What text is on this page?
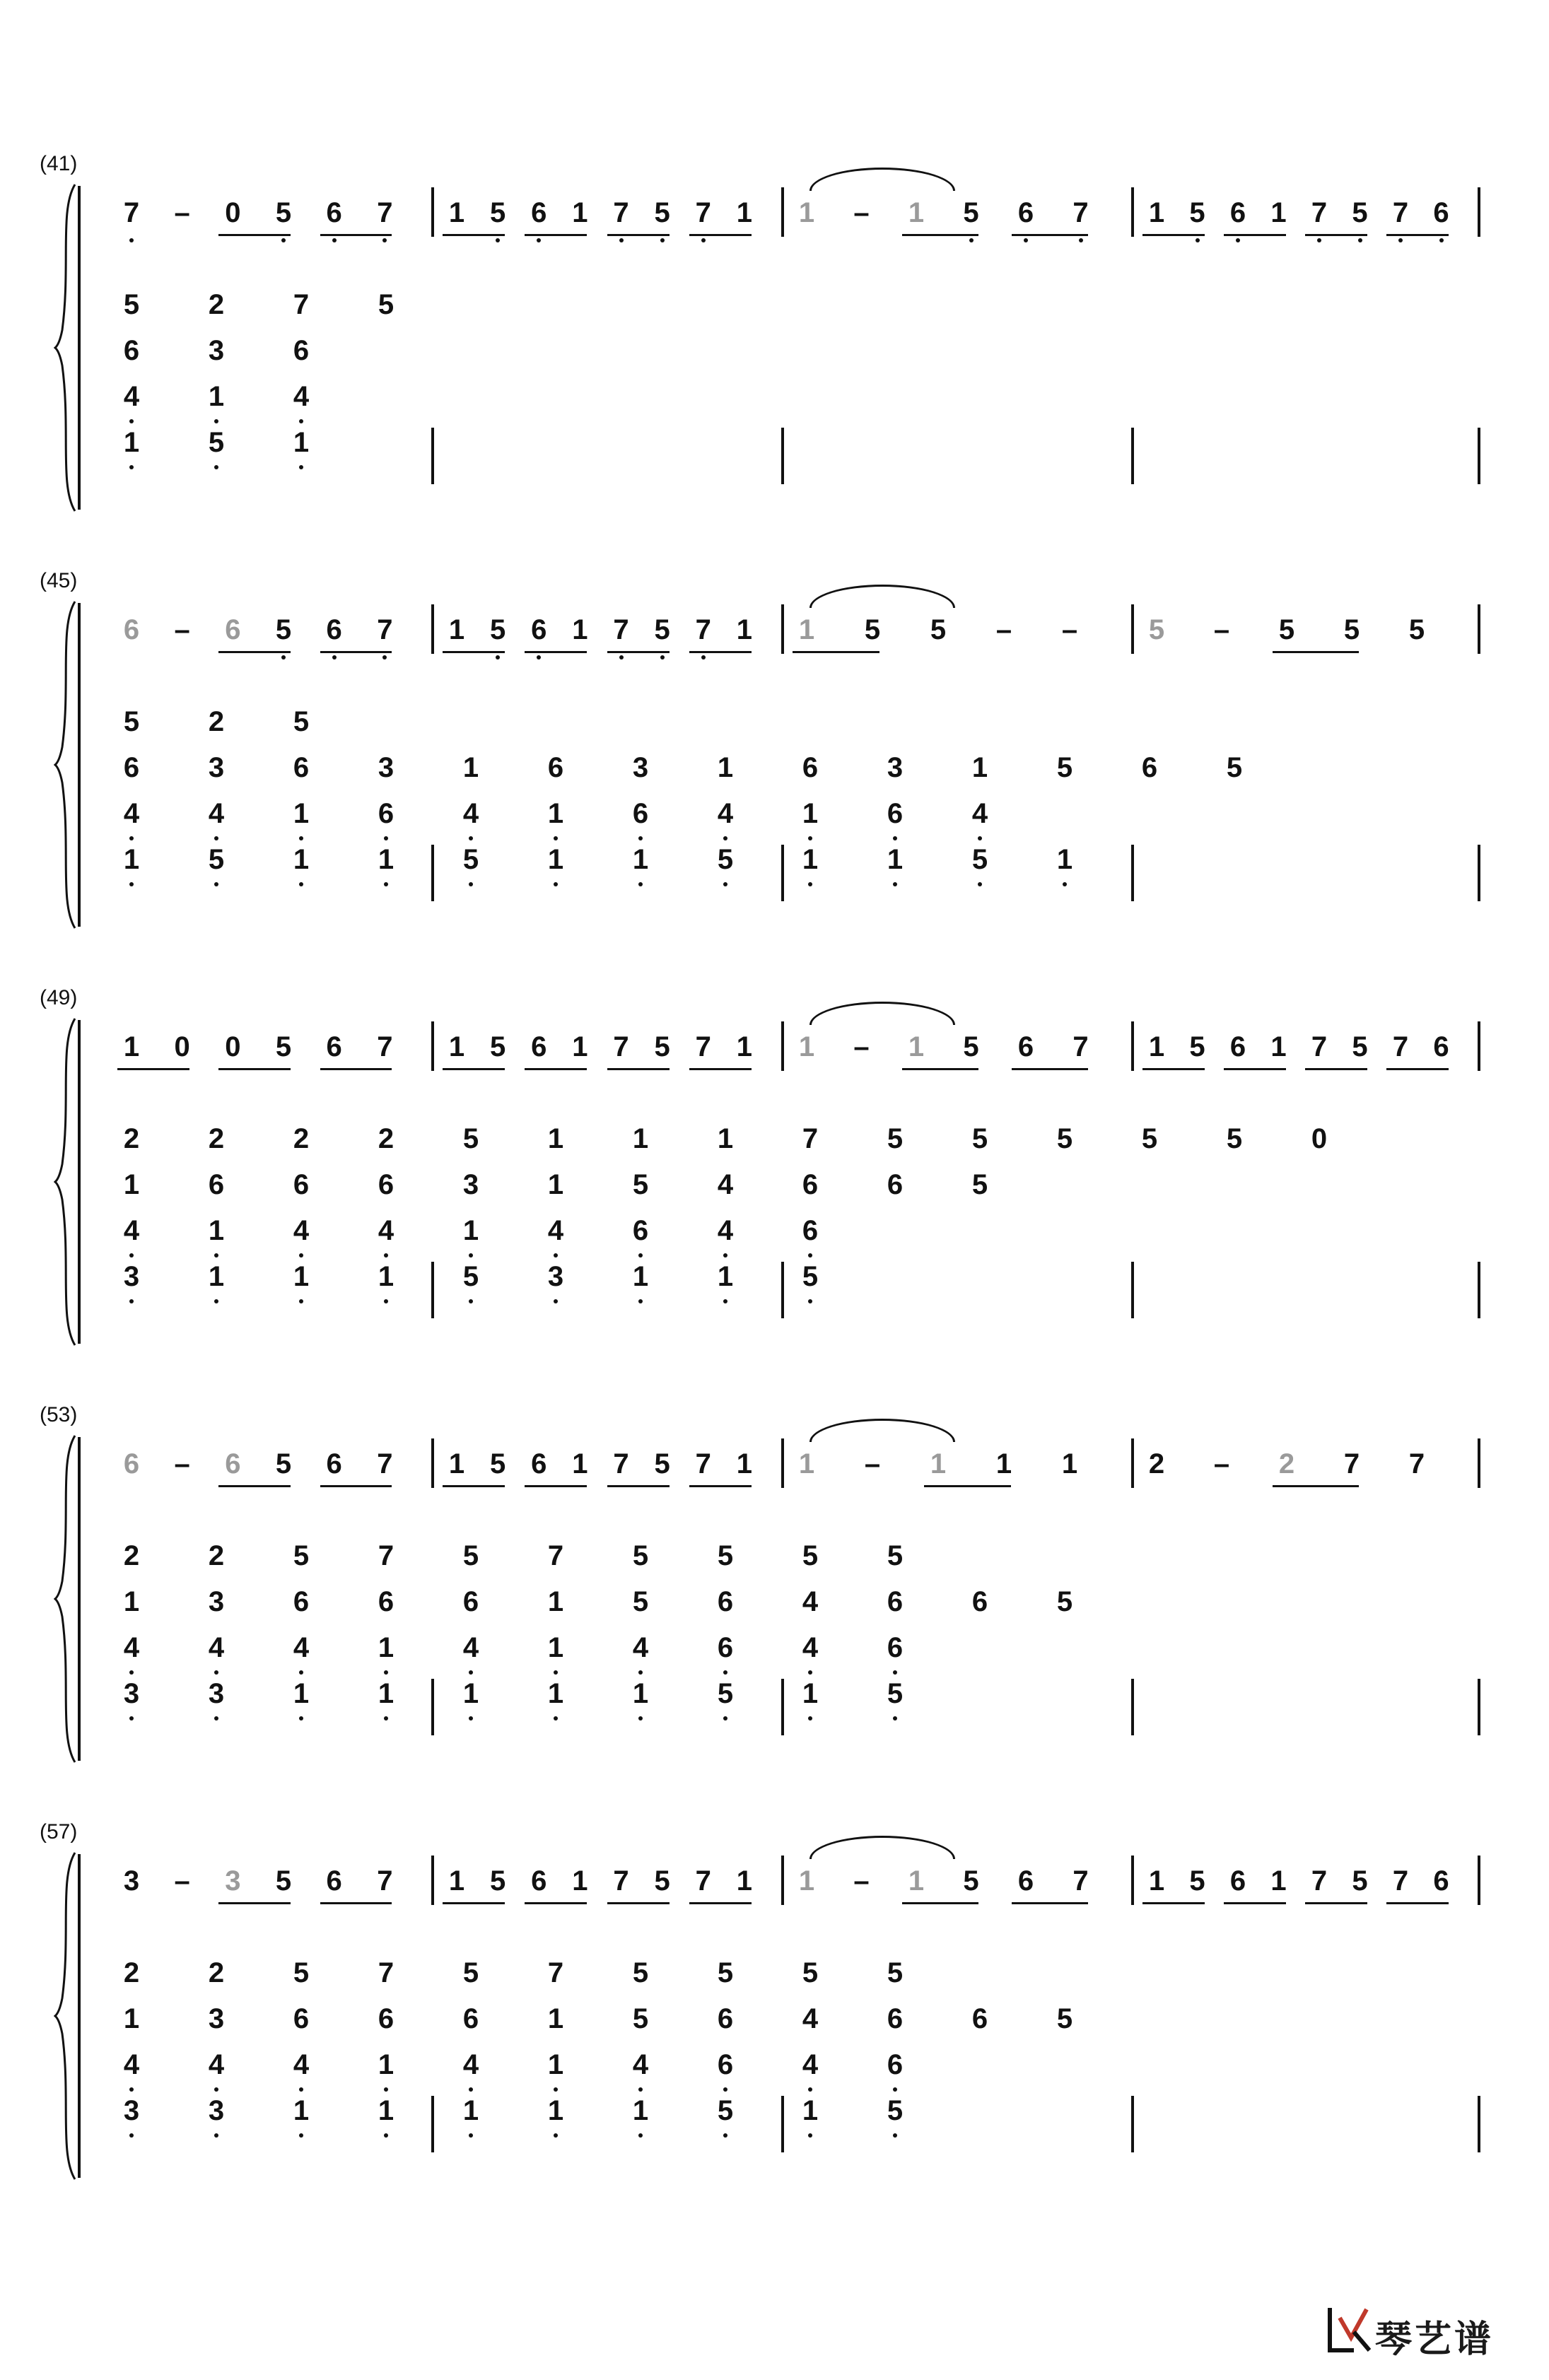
(41)
7 – 0 5 6 7 1 5 6 1 7 5 7 1 1 – 1 5 6 7 1 5 6 1 7 5 7 6
5 2 7 5
6 3 6
4 1 4
1 5 1
(45)
6 – 6 5 6 7 1 5 6 1 7 5 7 1 1 5 5 – –	5 – 5 5 5
5 2 5
6 3 6 3 1 6 3 1 6 3 1 5 6 5
4 4 1 6 4 1 6 4 1 6 4
1 5 1 1 5 1 1 5 1 1 5 1
(49)
1 0 0 5 6 7 1 5 6 1 7 5 7 1 1 – 1 5 6 7 1 5 6 1 7 5 7 6
2 2 2 2 5 1 1 1 7 5 5 5 5 5 0
1 6 6 6 3 1 5 4 6 6 5
4 1 4 4 1 4 6 4 6
3 1 1 1 5 3 1 1 5
(53)
6 – 6 5 6 7 1 5 6 1 7 5 7 1 1 – 1 1 1	2 – 2 7 7
2 2 5 7 5 7 5 5 5 5
1 3 6 6 6 1 5 6 4 6 6 5
4 4 4 1 4 1 4 6 4 6
3 3 1 1 1 1 1 5 1 5
(57)
3 – 3 5 6 7 1 5 6 1 7 5 7 1 1 – 1 5 6 7 1 5 6 1 7 5 7 6
2 2 5 7 5 7 5 5 5 5
1 3 6 6 6 1 5 6 4 6 6 5
4 4 4 1 4 1 4 6 4 6
3 3 1 1 1 1 1 5 1 5
琴艺谱
